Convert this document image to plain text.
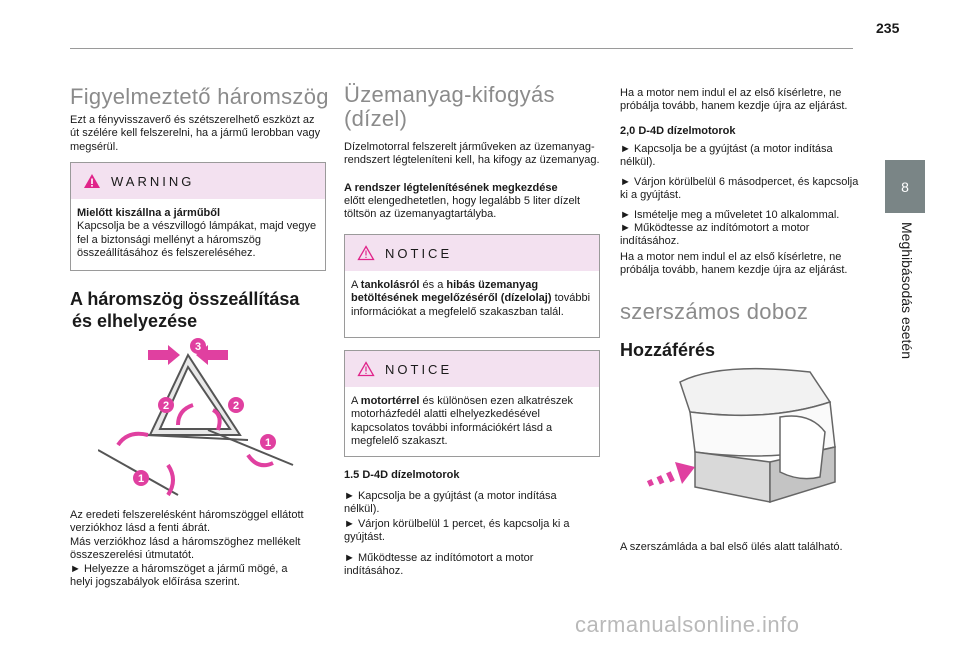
235
8
Meghibásodás esetén
Figyelmeztető háromszög

Ezt a fényvisszaverő és szétszerelhető eszközt az út szélére kell felszerelni, ha a jármű lerobban vagy megsérül.

WARNING

Mielőtt kiszállna a járműből

Kapcsolja be a vészvillogó lámpákat, majd vegye fel a biztonsági mellényt a háromszög összeállításához és felszereléséhez.

A háromszög összeállítása
és elhelyezése
3
2	2
1
1

Az eredeti felszerelésként háromszöggel ellátott

verziókhoz lásd a fenti ábrát.

Más verziókhoz lásd a háromszöghez mellékelt

összeszerelési útmutatót.

► Helyezze a háromszöget a jármű mögé, a

helyi jogszabályok előírása szerint.

Üzemanyag-kifogyás
(dízel)

Dízelmotorral felszerelt járműveken az üzemanyag-rendszert légteleníteni kell, ha kifogy az üzemanyag.

A rendszer légtelenítésének megkezdése

előtt elengedhetetlen, hogy legalább 5 liter dízelt töltsön az üzemanyagtartályba.

NOTICE

A tankolásról és a hibás üzemanyag betöltésének megelőzéséről (dízelolaj) további információkat a megfelelő szakaszban talál.

NOTICE

A motortérrel és különösen ezen alkatrészek motorházfedél alatti elhelyezkedésével kapcsolatos további információkért lásd a megfelelő szakaszt.

1.5 D-4D dízelmotorok

► Kapcsolja be a gyújtást (a motor indítása nélkül).

► Várjon körülbelül 1 percet, és kapcsolja ki a gyújtást.

► Működtesse az indítómotort a motor indításához.

Ha a motor nem indul el az első kísérletre, ne próbálja tovább, hanem kezdje újra az eljárást.

2,0 D-4D dízelmotorok

► Kapcsolja be a gyújtást (a motor indítása nélkül).

► Várjon körülbelül 6 másodpercet, és kapcsolja ki a gyújtást.

► Ismételje meg a műveletet 10 alkalommal.

► Működtesse az indítómotort a motor indításához.

Ha a motor nem indul el az első kísérletre, ne próbálja tovább, hanem kezdje újra az eljárást.

szerszámos doboz
Hozzáférés

A szerszámláda a bal első ülés alatt található.

carmanualsonline.info
